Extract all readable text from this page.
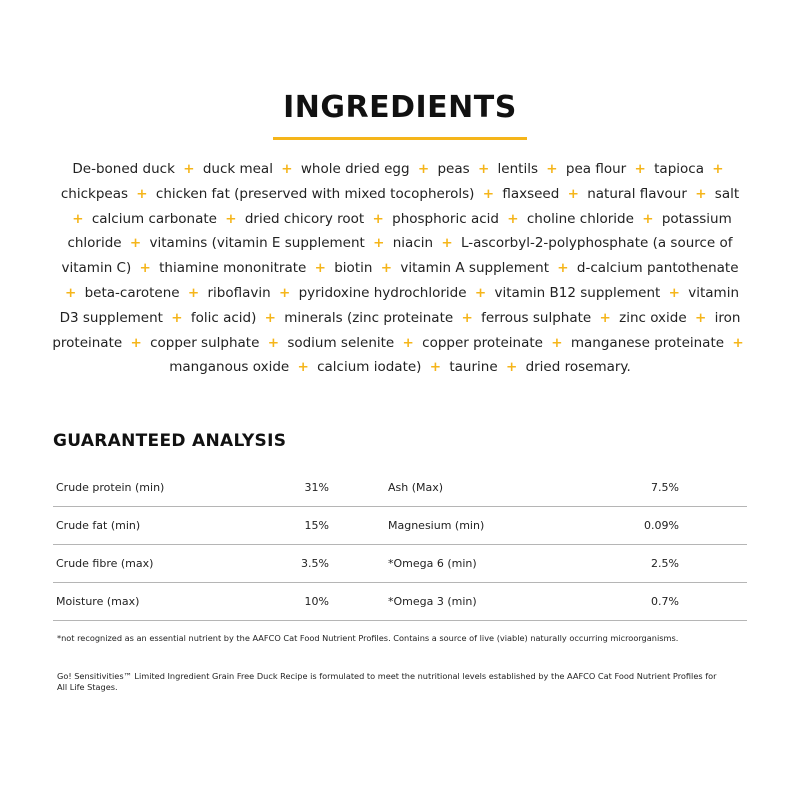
INGREDIENTS

De-boned duck + duck meal + whole dried egg + peas + lentils + pea flour + tapioca + chickpeas + chicken fat (preserved with mixed tocopherols) + flaxseed + natural flavour + salt + calcium carbonate + dried chicory root + phosphoric acid + choline chloride + potassium chloride + vitamins (vitamin E supplement + niacin + L-ascorbyl-2-polyphosphate (a source of vitamin C) + thiamine mononitrate + biotin + vitamin A supplement + d-calcium pantothenate + beta-carotene + riboflavin + pyridoxine hydrochloride + vitamin B12 supplement + vitamin D3 supplement + folic acid) + minerals (zinc proteinate + ferrous sulphate + zinc oxide + iron proteinate + copper sulphate + sodium selenite + copper proteinate + manganese proteinate + manganous oxide + calcium iodate) + taurine + dried rosemary.

GUARANTEED ANALYSIS
Crude protein (min)	31%	Ash (Max)	7.5%
Crude fat (min)	15%	Magnesium (min)	0.09%
Crude fibre (max)	3.5%	*Omega 6 (min)	2.5%
Moisture (max)	10%	*Omega 3 (min)	0.7%

*not recognized as an essential nutrient by the AAFCO Cat Food Nutrient Profiles. Contains a source of live (viable) naturally occurring microorganisms.

Go! Sensitivities™ Limited Ingredient Grain Free Duck Recipe is formulated to meet the nutritional levels established by the AAFCO Cat Food Nutrient Profiles for All Life Stages.
